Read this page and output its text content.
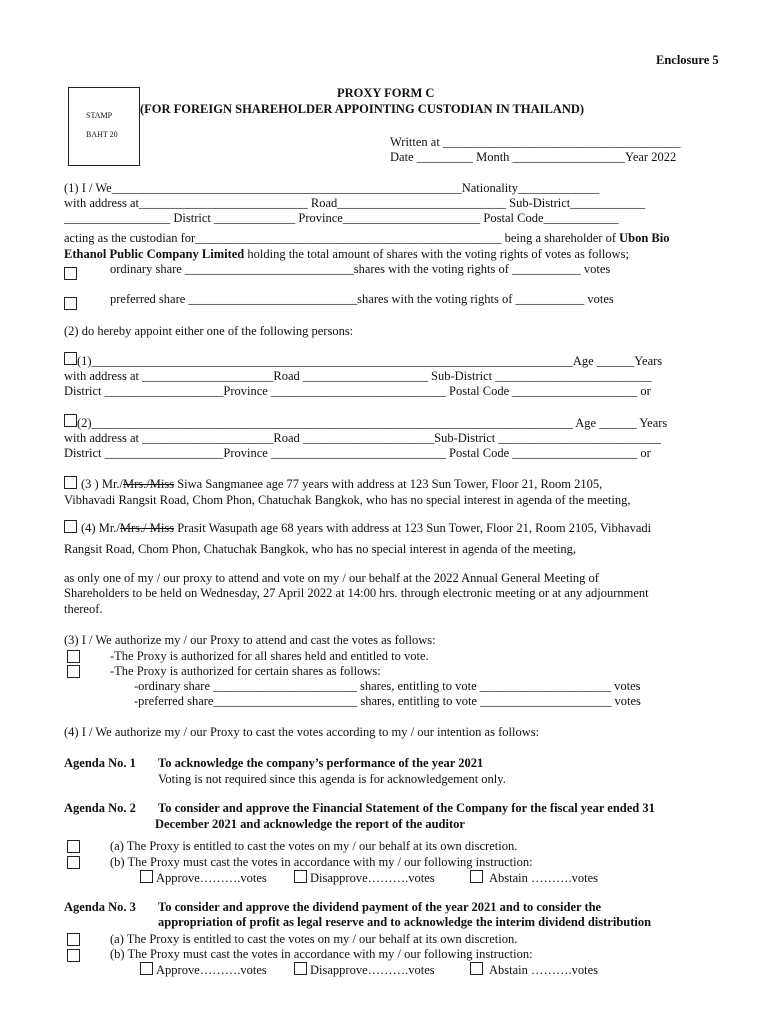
Enclosure 5
STAMP
BAHT 20
PROXY FORM C
(FOR FOREIGN SHAREHOLDER APPOINTING CUSTODIAN IN THAILAND)
Written at ______________________________________
Date _________ Month __________________Year 2022
(1) I / We________________________________________________________Nationality_____________
with address at___________________________ Road___________________________ Sub-District____________
_________________ District _____________ Province______________________ Postal Code____________
acting as the custodian for_________________________________________________ being a shareholder of Ubon Bio
Ethanol Public Company Limited holding the total amount of shares with the voting rights of votes as follows;
ordinary share ___________________________shares with the voting rights of ___________ votes
preferred share ___________________________shares with the voting rights of ___________ votes
(2) do hereby appoint either one of the following persons:
(1)_____________________________________________________________________________Age ______Years
with address at _____________________Road ____________________ Sub-District _________________________
District ___________________Province ____________________________ Postal Code ____________________ or
(2)_____________________________________________________________________________ Age ______ Years
with address at _____________________Road _____________________Sub-District __________________________
District ___________________Province ____________________________ Postal Code ____________________ or
(3 ) Mr./Mrs./Miss Siwa Sangmanee age 77 years with address at 123 Sun Tower, Floor 21, Room 2105,
Vibhavadi Rangsit Road, Chom Phon, Chatuchak Bangkok, who has no special interest in agenda of the meeting,
(4) Mr./Mrs./ Miss Prasit Wasupath age 68 years with address at 123 Sun Tower, Floor 21, Room 2105, Vibhavadi
Rangsit Road, Chom Phon, Chatuchak Bangkok, who has no special interest in agenda of the meeting,
as only one of my / our proxy to attend and vote on my / our behalf at the 2022 Annual General Meeting of
Shareholders to be held on Wednesday, 27 April 2022 at 14:00 hrs. through electronic meeting or at any adjournment
thereof.
(3) I / We authorize my / our Proxy to attend and cast the votes as follows:
-The Proxy is authorized for all shares held and entitled to vote.
-The Proxy is authorized for certain shares as follows:
-ordinary share _______________________ shares, entitling to vote _____________________ votes
-preferred share_______________________ shares, entitling to vote _____________________ votes
(4) I / We authorize my / our Proxy to cast the votes according to my / our intention as follows:
Agenda No. 1 To acknowledge the company’s performance of the year 2021
Voting is not required since this agenda is for acknowledgement only.
Agenda No. 2 To consider and approve the Financial Statement of the Company for the fiscal year ended 31
December 2021 and acknowledge the report of the auditor
(a) The Proxy is entitled to cast the votes on my / our behalf at its own discretion.
(b) The Proxy must cast the votes in accordance with my / our following instruction:
Approve……….votes	Disapprove……….votes	Abstain ……….votes
Agenda No. 3 To consider and approve the dividend payment of the year 2021 and to consider the
appropriation of profit as legal reserve and to acknowledge the interim dividend distribution
(a) The Proxy is entitled to cast the votes on my / our behalf at its own discretion.
(b) The Proxy must cast the votes in accordance with my / our following instruction:
Approve……….votes	Disapprove……….votes	Abstain ……….votes
